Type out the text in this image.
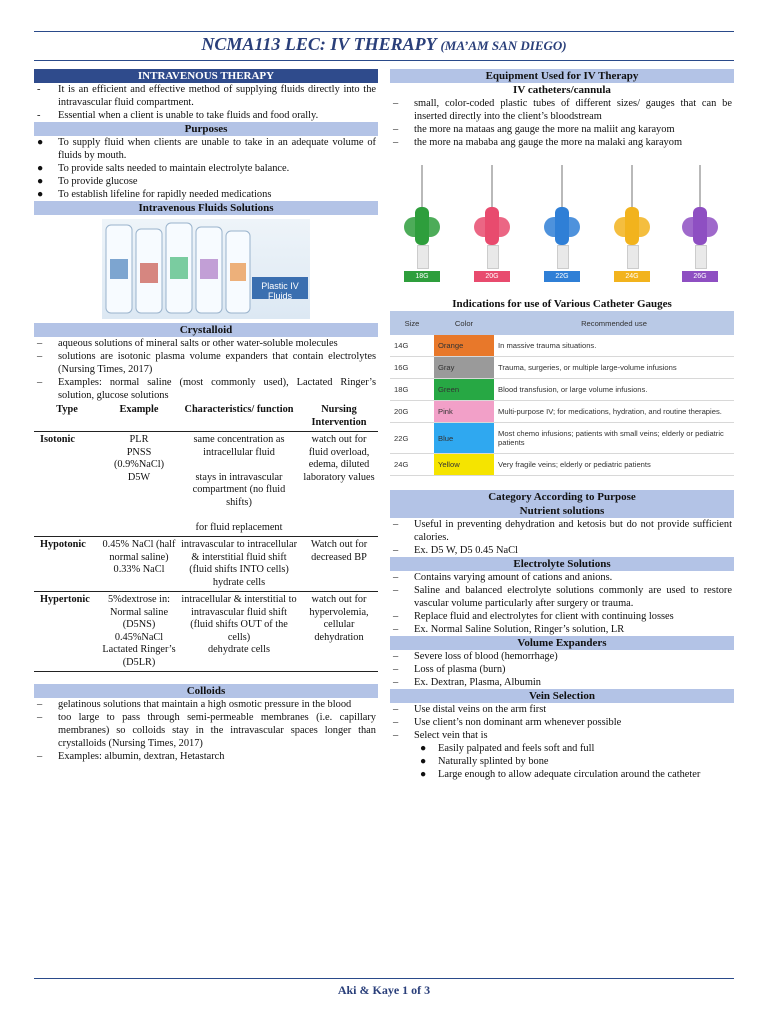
NCMA113 LEC: IV THERAPY (MA’AM SAN DIEGO)
INTRAVENOUS THERAPY
-	It is an efficient and effective method of supplying fluids directly into the intravascular fluid compartment.
-	Essential when a client is unable to take fluids and food orally.
Purposes
●	To supply fluid when clients are unable to take in an adequate volume of fluids by mouth.
●	To provide salts needed to maintain electrolyte balance.
●	To provide glucose
●	To establish lifeline for rapidly needed medications
Intravenous Fluids Solutions
Plastic IV Fluids
Crystalloid
–	aqueous solutions of mineral salts or other water-soluble molecules
–	solutions are isotonic plasma volume expanders that contain electrolytes (Nursing Times, 2017)
–	Examples: normal saline (most commonly used), Lactated Ringer’s solution, glucose solutions
Type	Example	Characteristics/ function	Nursing Intervention
Isotonic	PLR
PNSS
(0.9%NaCl)
D5W	same concentration as intracellular fluid

stays in intravascular compartment (no fluid shifts)

for fluid replacement	watch out for fluid overload, edema, diluted laboratory values
Hypotonic	0.45% NaCl (half normal saline)
0.33% NaCl	intravascular to intracellular & interstitial fluid shift (fluid shifts INTO cells)
hydrate cells	Watch out for decreased BP
Hypertonic	5%dextrose in:
Normal saline (D5NS)
0.45%NaCl
Lactated Ringer’s (D5LR)	intracellular & interstitial to intravascular fluid shift (fluid shifts OUT of the cells)
dehydrate cells	watch out for hypervolemia, cellular dehydration
Colloids
–	gelatinous solutions that maintain a high osmotic pressure in the blood
–	too large to pass through semi-permeable membranes (i.e. capillary membranes) so colloids stay in the intravascular spaces longer than crystalloids (Nursing Times, 2017)
–	Examples: albumin, dextran, Hetastarch
Equipment Used for IV Therapy
IV catheters/cannula
–	small, color-coded plastic tubes of different sizes/ gauges that can be inserted directly into the client’s bloodstream
–	the more na mataas ang gauge the more na maliit ang karayom
–	the more na mababa ang gauge the more na malaki ang karayom
18G	20G	22G	24G	26G
Indications for use of Various Catheter Gauges
Size	Color	Recommended use
14G	Orange	In massive trauma situations.
16G	Gray	Trauma, surgeries, or multiple large-volume infusions
18G	Green	Blood transfusion, or large volume infusions.
20G	Pink	Multi-purpose IV; for medications, hydration, and routine therapies.
22G	Blue	Most chemo infusions; patients with small veins; elderly or pediatric patients
24G	Yellow	Very fragile veins; elderly or pediatric patients
Category According to Purpose
Nutrient solutions
–	Useful in preventing dehydration and ketosis but do not provide sufficient calories.
–	Ex. D5 W, D5 0.45 NaCl
Electrolyte Solutions
–	Contains varying amount of cations and anions.
–	Saline and balanced electrolyte solutions commonly are used to restore vascular volume particularly after surgery or trauma.
–	Replace fluid and electrolytes for client with continuing losses
–	Ex. Normal Saline Solution, Ringer’s solution, LR
Volume Expanders
–	Severe loss of blood (hemorrhage)
–	Loss of plasma (burn)
–	Ex. Dextran, Plasma, Albumin
Vein Selection
–	Use distal veins on the arm first
–	Use client’s non dominant arm whenever possible
–	Select vein that is
●	Easily palpated and feels soft and full
●	Naturally splinted by bone
●	Large enough to allow adequate circulation around the catheter
Aki & Kaye 1 of 3
